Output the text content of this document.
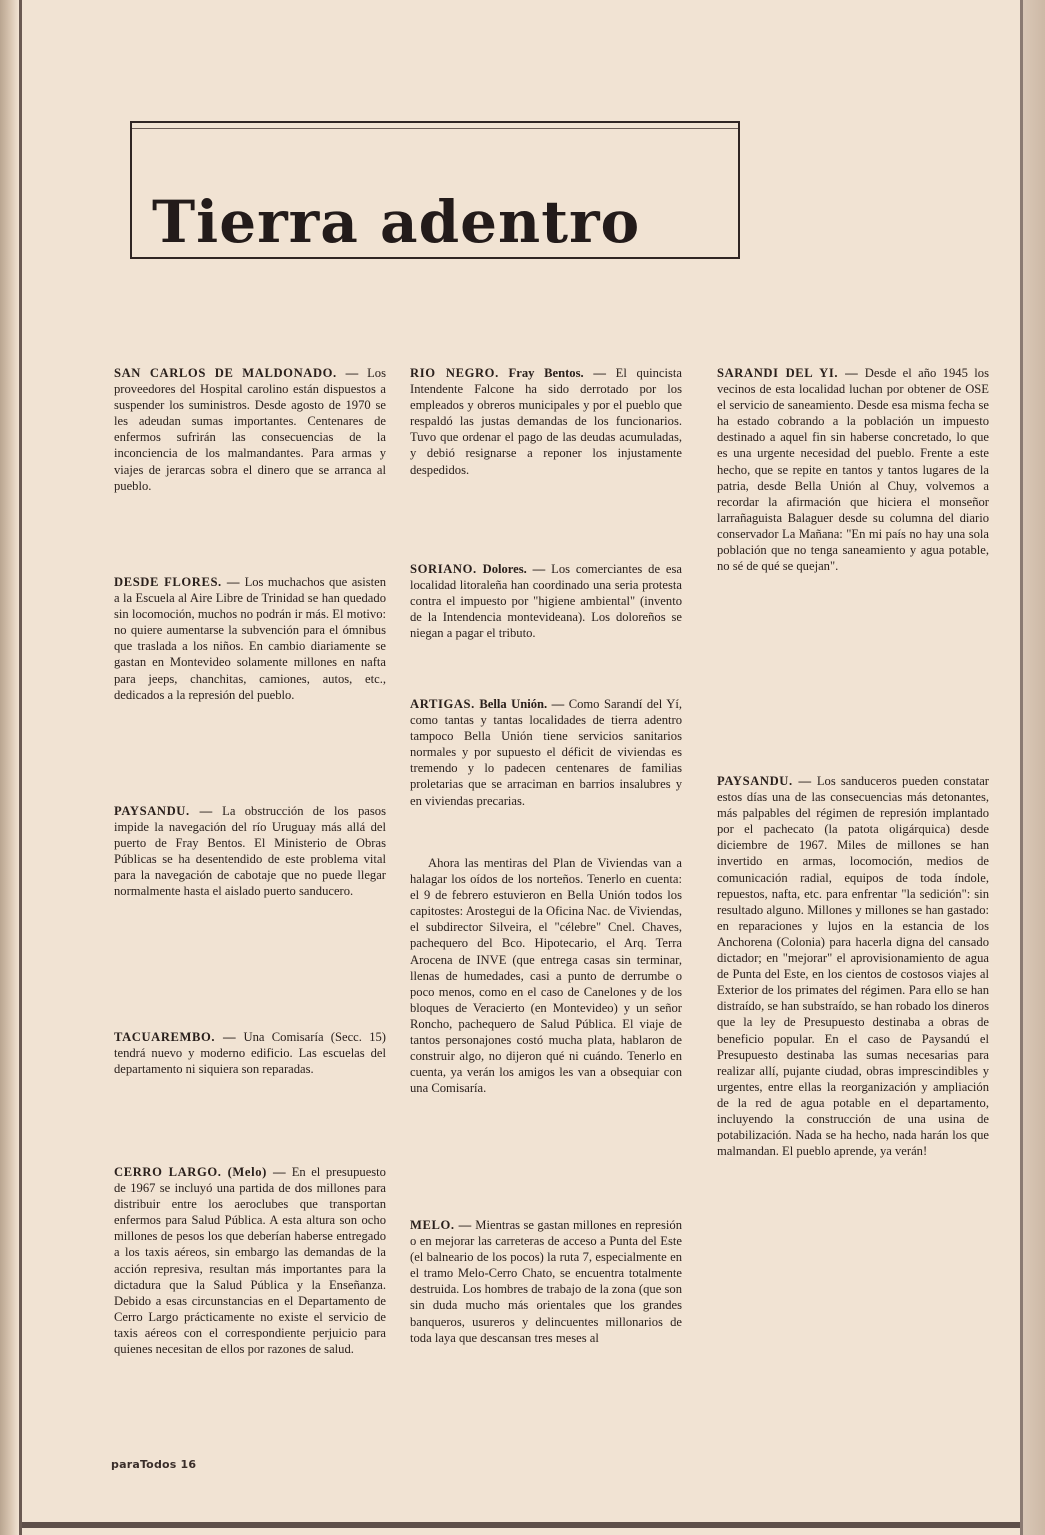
Tierra adentro

SAN CARLOS DE MALDONADO. — Los proveedores del Hospital carolino están dispuestos a suspender los suministros. Desde agosto de 1970 se les adeudan sumas importantes. Centenares de enfermos sufrirán las consecuencias de la inconciencia de los malmandantes. Para armas y viajes de jerarcas sobra el dinero que se arranca al pueblo.

DESDE FLORES. — Los muchachos que asisten a la Escuela al Aire Libre de Trinidad se han quedado sin locomoción, muchos no podrán ir más. El motivo: no quiere aumentarse la subvención para el ómnibus que traslada a los niños. En cambio diariamente se gastan en Montevideo solamente millones en nafta para jeeps, chanchitas, camiones, autos, etc., dedicados a la represión del pueblo.

PAYSANDU. — La obstrucción de los pasos impide la navegación del río Uruguay más allá del puerto de Fray Bentos. El Ministerio de Obras Públicas se ha desentendido de este problema vital para la navegación de cabotaje que no puede llegar normalmente hasta el aislado puerto sanducero.

TACUAREMBO. — Una Comisaría (Secc. 15) tendrá nuevo y moderno edificio. Las escuelas del departamento ni siquiera son reparadas.

CERRO LARGO. (Melo) — En el presupuesto de 1967 se incluyó una partida de dos millones para distribuir entre los aeroclubes que transportan enfermos para Salud Pública. A esta altura son ocho millones de pesos los que deberían haberse entregado a los taxis aéreos, sin embargo las demandas de la acción represiva, resultan más importantes para la dictadura que la Salud Pública y la Enseñanza. Debido a esas circunstancias en el Departamento de Cerro Largo prácticamente no existe el servicio de taxis aéreos con el correspondiente perjuicio para quienes necesitan de ellos por razones de salud.

RIO NEGRO. Fray Bentos. — El quincista Intendente Falcone ha sido derrotado por los empleados y obreros municipales y por el pueblo que respaldó las justas demandas de los funcionarios. Tuvo que ordenar el pago de las deudas acumuladas, y debió resignarse a reponer los injustamente despedidos.

SORIANO. Dolores. — Los comerciantes de esa localidad litoraleña han coordinado una seria protesta contra el impuesto por "higiene ambiental" (invento de la Intendencia montevideana). Los doloreños se niegan a pagar el tributo.

ARTIGAS. Bella Unión. — Como Sarandí del Yí, como tantas y tantas localidades de tierra adentro tampoco Bella Unión tiene servicios sanitarios normales y por supuesto el déficit de viviendas es tremendo y lo padecen centenares de familias proletarias que se arraciman en barrios insalubres y en viviendas precarias.

Ahora las mentiras del Plan de Viviendas van a halagar los oídos de los norteños. Tenerlo en cuenta: el 9 de febrero estuvieron en Bella Unión todos los capitostes: Arostegui de la Oficina Nac. de Viviendas, el subdirector Silveira, el "célebre" Cnel. Chaves, pachequero del Bco. Hipotecario, el Arq. Terra Arocena de INVE (que entrega casas sin terminar, llenas de humedades, casi a punto de derrumbe o poco menos, como en el caso de Canelones y de los bloques de Veracierto (en Montevideo) y un señor Roncho, pachequero de Salud Pública. El viaje de tantos personajones costó mucha plata, hablaron de construir algo, no dijeron qué ni cuándo. Tenerlo en cuenta, ya verán los amigos les van a obsequiar con una Comisaría.

MELO. — Mientras se gastan millones en represión o en mejorar las carreteras de acceso a Punta del Este (el balneario de los pocos) la ruta 7, especialmente en el tramo Melo-Cerro Chato, se encuentra totalmente destruida. Los hombres de trabajo de la zona (que son sin duda mucho más orientales que los grandes banqueros, usureros y delincuentes millonarios de toda laya que descansan tres meses al

SARANDI DEL YI. — Desde el año 1945 los vecinos de esta localidad luchan por obtener de OSE el servicio de saneamiento. Desde esa misma fecha se ha estado cobrando a la población un impuesto destinado a aquel fin sin haberse concretado, lo que es una urgente necesidad del pueblo. Frente a este hecho, que se repite en tantos y tantos lugares de la patria, desde Bella Unión al Chuy, volvemos a recordar la afirmación que hiciera el monseñor larrañaguista Balaguer desde su columna del diario conservador La Mañana: "En mi país no hay una sola población que no tenga saneamiento y agua potable, no sé de qué se quejan".

PAYSANDU. — Los sanduceros pueden constatar estos días una de las consecuencias más detonantes, más palpables del régimen de represión implantado por el pachecato (la patota oligárquica) desde diciembre de 1967. Miles de millones se han invertido en armas, locomoción, medios de comunicación radial, equipos de toda índole, repuestos, nafta, etc. para enfrentar "la sedición": sin resultado alguno. Millones y millones se han gastado: en reparaciones y lujos en la estancia de los Anchorena (Colonia) para hacerla digna del cansado dictador; en "mejorar" el aprovisionamiento de agua de Punta del Este, en los cientos de costosos viajes al Exterior de los primates del régimen. Para ello se han distraído, se han substraído, se han robado los dineros que la ley de Presupuesto destinaba a obras de beneficio popular. En el caso de Paysandú el Presupuesto destinaba las sumas necesarias para realizar allí, pujante ciudad, obras imprescindibles y urgentes, entre ellas la reorganización y ampliación de la red de agua potable en el departamento, incluyendo la construcción de una usina de potabilización. Nada se ha hecho, nada harán los que malmandan. El pueblo aprende, ya verán!

paraTodos 16
